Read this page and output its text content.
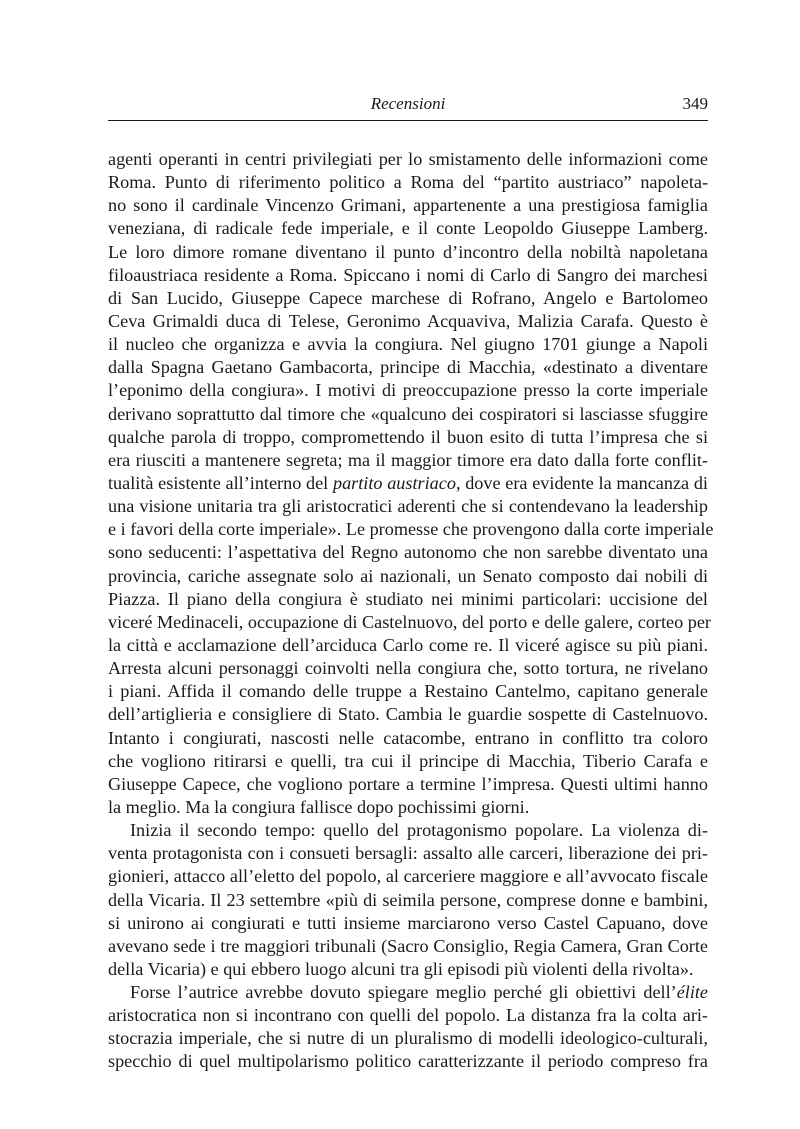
Recensioni	349
agenti operanti in centri privilegiati per lo smistamento delle informazioni come
Roma. Punto di riferimento politico a Roma del “partito austriaco” napoleta-
no sono il cardinale Vincenzo Grimani, appartenente a una prestigiosa famiglia
veneziana, di radicale fede imperiale, e il conte Leopoldo Giuseppe Lamberg.
Le loro dimore romane diventano il punto d’incontro della nobiltà napoletana
filoaustriaca residente a Roma. Spiccano i nomi di Carlo di Sangro dei marchesi
di San Lucido, Giuseppe Capece marchese di Rofrano, Angelo e Bartolomeo
Ceva Grimaldi duca di Telese, Geronimo Acquaviva, Malizia Carafa. Questo è
il nucleo che organizza e avvia la congiura. Nel giugno 1701 giunge a Napoli
dalla Spagna Gaetano Gambacorta, principe di Macchia, «destinato a diventare
l’eponimo della congiura». I motivi di preoccupazione presso la corte imperiale
derivano soprattutto dal timore che «qualcuno dei cospiratori si lasciasse sfuggire
qualche parola di troppo, compromettendo il buon esito di tutta l’impresa che si
era riusciti a mantenere segreta; ma il maggior timore era dato dalla forte conflit-
tualità esistente all’interno del partito austriaco, dove era evidente la mancanza di
una visione unitaria tra gli aristocratici aderenti che si contendevano la leadership
e i favori della corte imperiale». Le promesse che provengono dalla corte imperiale
sono seducenti: l’aspettativa del Regno autonomo che non sarebbe diventato una
provincia, cariche assegnate solo ai nazionali, un Senato composto dai nobili di
Piazza. Il piano della congiura è studiato nei minimi particolari: uccisione del
viceré Medinaceli, occupazione di Castelnuovo, del porto e delle galere, corteo per
la città e acclamazione dell’arciduca Carlo come re. Il viceré agisce su più piani.
Arresta alcuni personaggi coinvolti nella congiura che, sotto tortura, ne rivelano
i piani. Affida il comando delle truppe a Restaino Cantelmo, capitano generale
dell’artiglieria e consigliere di Stato. Cambia le guardie sospette di Castelnuovo.
Intanto i congiurati, nascosti nelle catacombe, entrano in conflitto tra coloro
che vogliono ritirarsi e quelli, tra cui il principe di Macchia, Tiberio Carafa e
Giuseppe Capece, che vogliono portare a termine l’impresa. Questi ultimi hanno
la meglio. Ma la congiura fallisce dopo pochissimi giorni.
Inizia il secondo tempo: quello del protagonismo popolare. La violenza di-
venta protagonista con i consueti bersagli: assalto alle carceri, liberazione dei pri-
gionieri, attacco all’eletto del popolo, al carceriere maggiore e all’avvocato fiscale
della Vicaria. Il 23 settembre «più di seimila persone, comprese donne e bambini,
si unirono ai congiurati e tutti insieme marciarono verso Castel Capuano, dove
avevano sede i tre maggiori tribunali (Sacro Consiglio, Regia Camera, Gran Corte
della Vicaria) e qui ebbero luogo alcuni tra gli episodi più violenti della rivolta».
Forse l’autrice avrebbe dovuto spiegare meglio perché gli obiettivi dell’élite
aristocratica non si incontrano con quelli del popolo. La distanza fra la colta ari-
stocrazia imperiale, che si nutre di un pluralismo di modelli ideologico-culturali,
specchio di quel multipolarismo politico caratterizzante il periodo compreso fra
